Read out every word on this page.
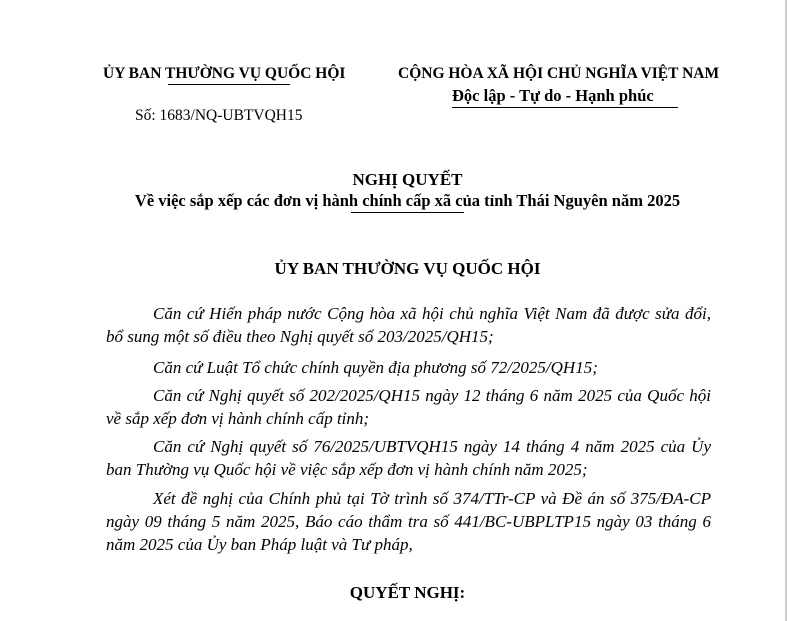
ỦY BAN THƯỜNG VỤ QUỐC HỘI
Số: 1683/NQ-UBTVQH15
CỘNG HÒA XÃ HỘI CHỦ NGHĨA VIỆT NAM
Độc lập - Tự do - Hạnh phúc
NGHỊ QUYẾT
Về việc sắp xếp các đơn vị hành chính cấp xã của tỉnh Thái Nguyên năm 2025
ỦY BAN THƯỜNG VỤ QUỐC HỘI
Căn cứ Hiến pháp nước Cộng hòa xã hội chủ nghĩa Việt Nam đã được sửa đổi, bổ sung một số điều theo Nghị quyết số 203/2025/QH15;
Căn cứ Luật Tổ chức chính quyền địa phương số 72/2025/QH15;
Căn cứ Nghị quyết số 202/2025/QH15 ngày 12 tháng 6 năm 2025 của Quốc hội về sắp xếp đơn vị hành chính cấp tỉnh;
Căn cứ Nghị quyết số 76/2025/UBTVQH15 ngày 14 tháng 4 năm 2025 của Ủy ban Thường vụ Quốc hội về việc sắp xếp đơn vị hành chính năm 2025;
Xét đề nghị của Chính phủ tại Tờ trình số 374/TTr-CP và Đề án số 375/ĐA-CP ngày 09 tháng 5 năm 2025, Báo cáo thẩm tra số 441/BC-UBPLTP15 ngày 03 tháng 6 năm 2025 của Ủy ban Pháp luật và Tư pháp,
QUYẾT NGHỊ:
